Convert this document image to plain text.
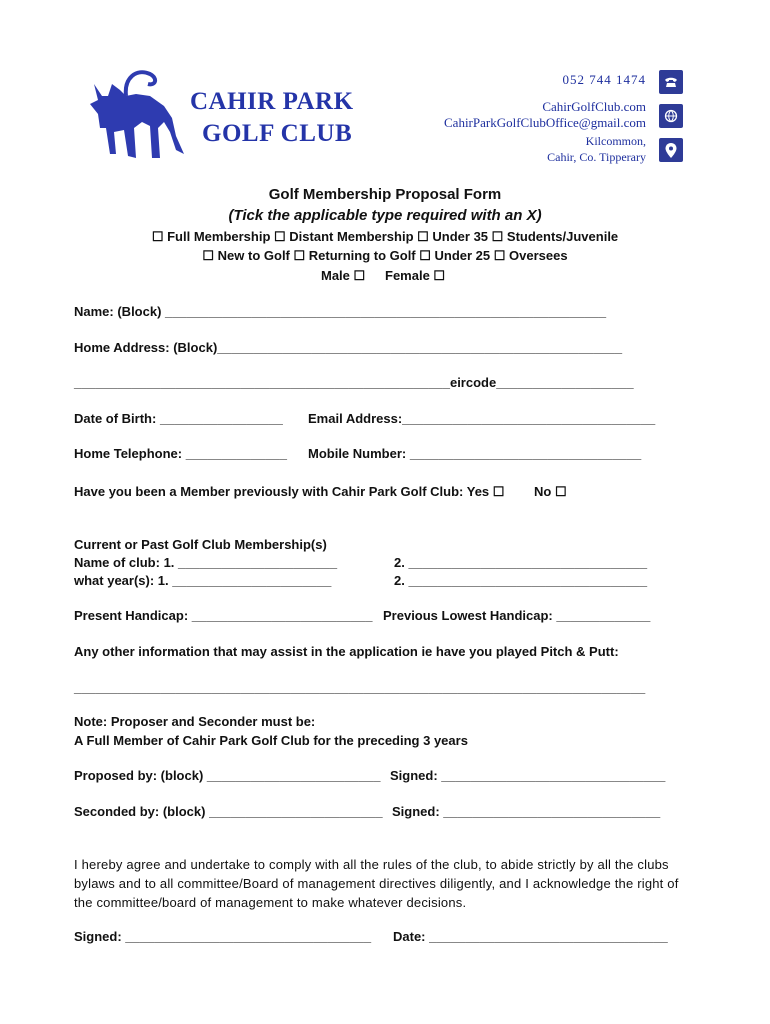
CAHIR PARK
GOLF CLUB
052 744 1474
CahirGolfClub.com
CahirParkGolfClubOffice@gmail.com
Kilcommon,
Cahir, Co. Tipperary
Golf Membership Proposal Form
(Tick the applicable type required with an X)
☐ Full Membership ☐ Distant Membership ☐ Under 35 ☐ Students/Juvenile
☐ New to Golf ☐ Returning to Golf ☐ Under 25 ☐ Oversees
Male ☐ Female ☐
Name: (Block) _____________________________________________________________
Home Address: (Block)________________________________________________________
____________________________________________________eircode___________________
Date of Birth: _________________ Email Address:___________________________________
Home Telephone: ______________ Mobile Number: ________________________________
Have you been a Member previously with Cahir Park Golf Club: Yes ☐ No ☐
Current or Past Golf Club Membership(s)
Name of club: 1. ______________________
what year(s): 1. ______________________
2. _________________________________
2. _________________________________
Present Handicap: _________________________ Previous Lowest Handicap: _____________
Any other information that may assist in the application ie have you played Pitch & Putt:
_______________________________________________________________________________
Note: Proposer and Seconder must be:
A Full Member of Cahir Park Golf Club for the preceding 3 years
Proposed by: (block) ________________________ Signed: _______________________________
Seconded by: (block) ________________________ Signed: ______________________________
I hereby agree and undertake to comply with all the rules of the club, to abide strictly by all the clubs bylaws and to all committee/Board of management directives diligently, and I acknowledge the right of the committee/board of management to make whatever decisions.
Signed: __________________________________ Date: _________________________________
